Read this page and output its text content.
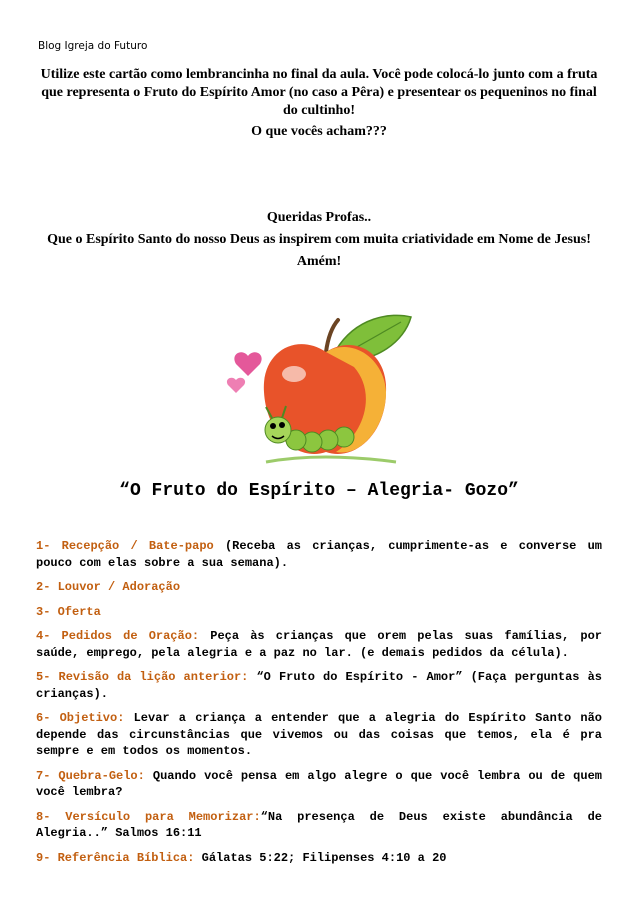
Blog Igreja do Futuro

Utilize este cartão como lembrancinha no final da aula. Você pode colocá-lo junto com a fruta que representa o Fruto do Espírito Amor (no caso a Pêra) e presentear os pequeninos no final do cultinho!

O que vocês acham???

Queridas Profas..

Que o Espírito Santo do nosso Deus as inspirem com muita criatividade em Nome de Jesus!

Amém!

“O Fruto do Espírito – Alegria- Gozo”

1- Recepção / Bate-papo (Receba as crianças, cumprimente-as e converse um pouco com elas sobre a sua semana).

2- Louvor / Adoração

3- Oferta

4- Pedidos de Oração: Peça às crianças que orem pelas suas famílias, por saúde, emprego, pela alegria e a paz no lar. (e demais pedidos da célula).

5- Revisão da lição anterior: “O Fruto do Espírito - Amor” (Faça perguntas às crianças).

6- Objetivo: Levar a criança a entender que a alegria do Espírito Santo não depende das circunstâncias que vivemos ou das coisas que temos, ela é pra sempre e em todos os momentos.

7- Quebra-Gelo: Quando você pensa em algo alegre o que você lembra ou de quem você lembra?

8- Versículo para Memorizar:“Na presença de Deus existe abundância de Alegria..” Salmos 16:11

9- Referência Bíblica: Gálatas 5:22; Filipenses 4:10 a 20
